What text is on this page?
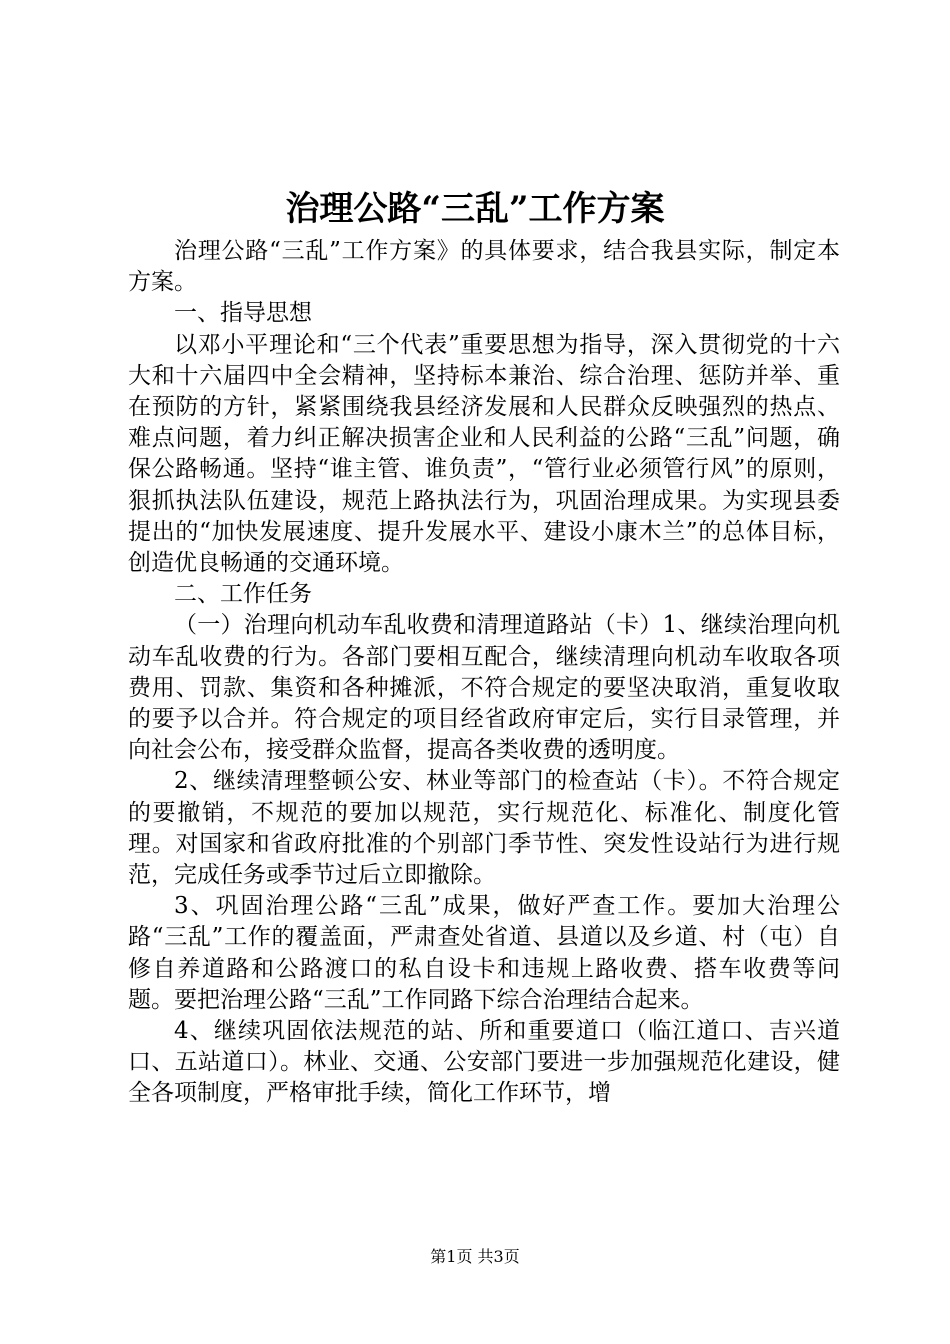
治理公路“三乱”工作方案

治理公路“三乱”工作方案》的具体要求，结合我县实际，制定本方案。

一、指导思想

以邓小平理论和“三个代表”重要思想为指导，深入贯彻党的十六大和十六届四中全会精神，坚持标本兼治、综合治理、惩防并举、重在预防的方针，紧紧围绕我县经济发展和人民群众反映强烈的热点、难点问题，着力纠正解决损害企业和人民利益的公路“三乱”问题，确保公路畅通。坚持“谁主管、谁负责”，“管行业必须管行风”的原则，狠抓执法队伍建设，规范上路执法行为，巩固治理成果。为实现县委提出的“加快发展速度、提升发展水平、建设小康木兰”的总体目标，创造优良畅通的交通环境。

二、工作任务

（一）治理向机动车乱收费和清理道路站（卡）1、继续治理向机动车乱收费的行为。各部门要相互配合，继续清理向机动车收取各项费用、罚款、集资和各种摊派，不符合规定的要坚决取消，重复收取的要予以合并。符合规定的项目经省政府审定后，实行目录管理，并向社会公布，接受群众监督，提高各类收费的透明度。

2、继续清理整顿公安、林业等部门的检查站（卡）。不符合规定的要撤销，不规范的要加以规范，实行规范化、标准化、制度化管理。对国家和省政府批准的个别部门季节性、突发性设站行为进行规范，完成任务或季节过后立即撤除。

3、巩固治理公路“三乱”成果，做好严查工作。要加大治理公路“三乱”工作的覆盖面，严肃查处省道、县道以及乡道、村（屯）自修自养道路和公路渡口的私自设卡和违规上路收费、搭车收费等问题。要把治理公路“三乱”工作同路下综合治理结合起来。

4、继续巩固依法规范的站、所和重要道口（临江道口、吉兴道口、五站道口）。林业、交通、公安部门要进一步加强规范化建设，健全各项制度，严格审批手续，简化工作环节，增

第1页 共3页
